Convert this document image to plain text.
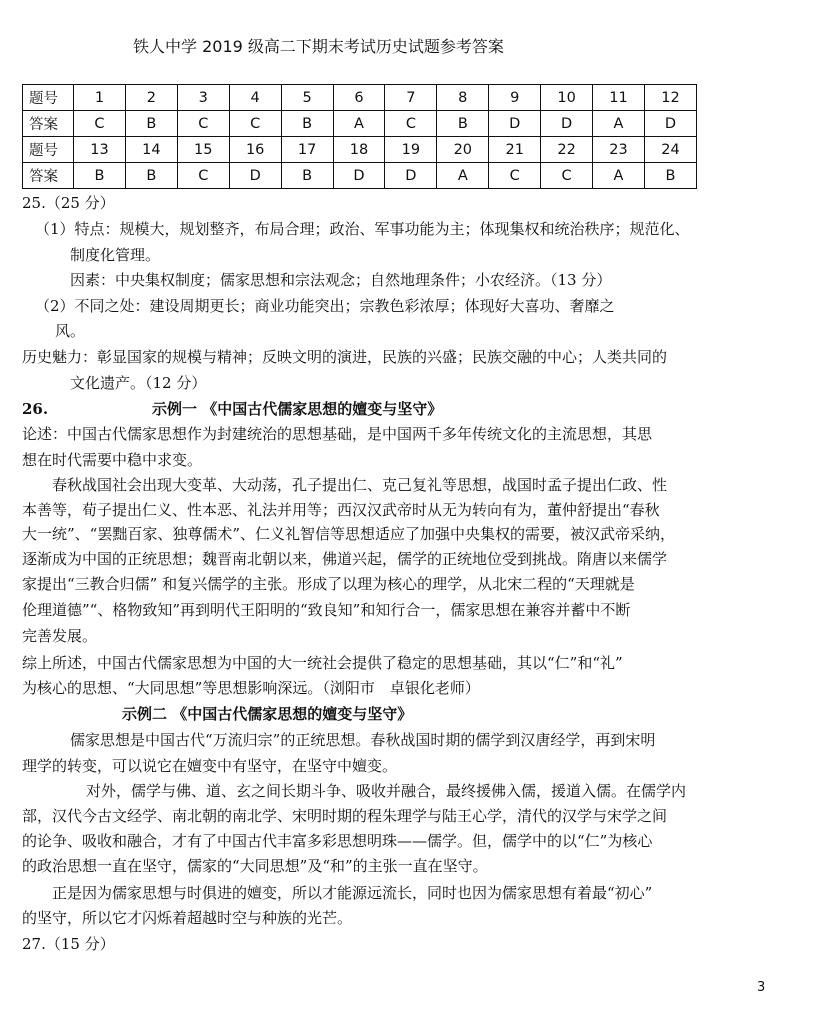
铁人中学 2019 级高二下期末考试历史试题参考答案
题号	1	2	3	4	5	6	7	8	9	10	11	12
答案	C	B	C	C	B	A	C	B	D	D	A	D
题号	13	14	15	16	17	18	19	20	21	22	23	24
答案	B	B	C	D	B	D	D	A	C	C	A	B
25.（25 分）
（1）特点：规模大，规划整齐，布局合理；政治、军事功能为主；体现集权和统治秩序；规范化、
制度化管理。
因素：中央集权制度；儒家思想和宗法观念；自然地理条件；小农经济。（13 分）
（2）不同之处：建设周期更长；商业功能突出；宗教色彩浓厚；体现好大喜功、奢靡之
风。
历史魅力：彰显国家的规模与精神；反映文明的演进，民族的兴盛；民族交融的中心；人类共同的
文化遗产。（12 分）
26.	示例一 《中国古代儒家思想的嬗变与坚守》
论述：中国古代儒家思想作为封建统治的思想基础，是中国两千多年传统文化的主流思想，其思
想在时代需要中稳中求变。
春秋战国社会出现大变革、大动荡，孔子提出仁、克己复礼等思想，战国时孟子提出仁政、性
本善等，荀子提出仁义、性本恶、礼法并用等；西汉汉武帝时从无为转向有为，董仲舒提出“春秋
大一统”、“罢黜百家、独尊儒术”、仁义礼智信等思想适应了加强中央集权的需要，被汉武帝采纳，
逐渐成为中国的正统思想；魏晋南北朝以来，佛道兴起，儒学的正统地位受到挑战。隋唐以来儒学
家提出“三教合归儒” 和复兴儒学的主张。形成了以理为核心的理学，从北宋二程的“天理就是
伦理道德”“、格物致知”再到明代王阳明的“致良知”和知行合一，儒家思想在兼容并蓄中不断
完善发展。
综上所述，中国古代儒家思想为中国的大一统社会提供了稳定的思想基础，其以“仁”和“礼”
为核心的思想、“大同思想”等思想影响深远。（浏阳市　卓银化老师）
示例二 《中国古代儒家思想的嬗变与坚守》
儒家思想是中国古代“万流归宗”的正统思想。春秋战国时期的儒学到汉唐经学，再到宋明
理学的转变，可以说它在嬗变中有坚守，在坚守中嬗变。
对外，儒学与佛、道、玄之间长期斗争、吸收并融合，最终援佛入儒，援道入儒。在儒学内
部，汉代今古文经学、南北朝的南北学、宋明时期的程朱理学与陆王心学，清代的汉学与宋学之间
的论争、吸收和融合，才有了中国古代丰富多彩思想明珠——儒学。但，儒学中的以“仁”为核心
的政治思想一直在坚守，儒家的“大同思想”及“和”的主张一直在坚守。
正是因为儒家思想与时俱进的嬗变，所以才能源远流长，同时也因为儒家思想有着最“初心”
的坚守，所以它才闪烁着超越时空与种族的光芒。
27.（15 分）
3
